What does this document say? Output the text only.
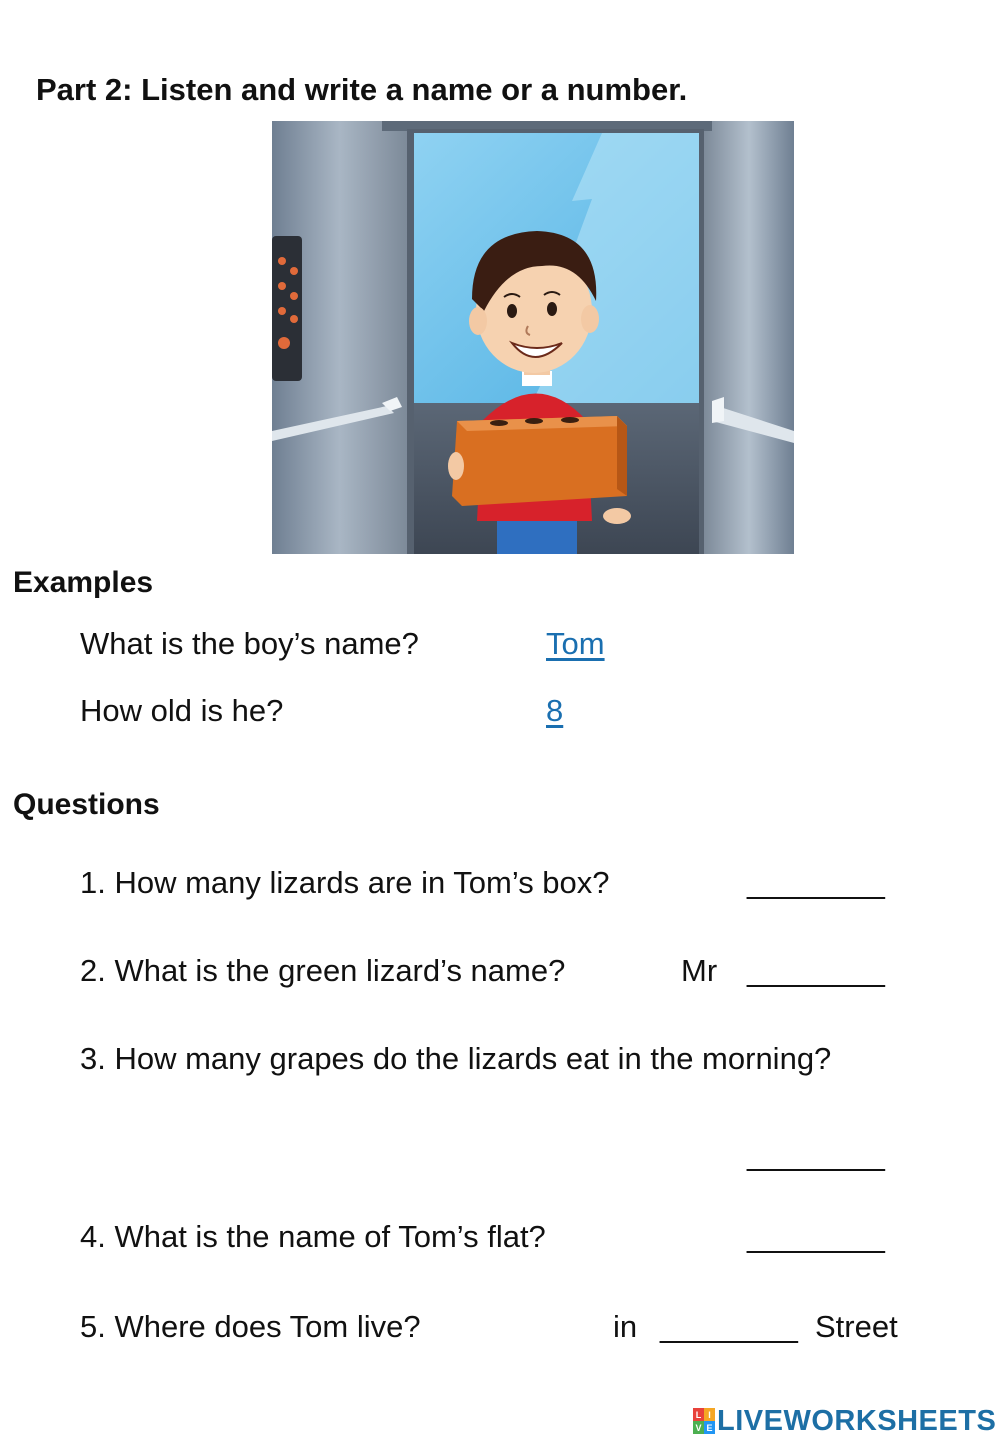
Part 2: Listen and write a name or a number.
Examples
What is the boy’s name?	Tom
How old is he?	8
Questions
1. How many lizards are in Tom’s box?	________
2. What is the green lizard’s name?	Mr ________
3. How many grapes do the lizards eat in the morning?
________
4. What is the name of Tom’s flat?	________
5. Where does Tom live?	in ________ Street
L I
V E LIVEWORKSHEETS
